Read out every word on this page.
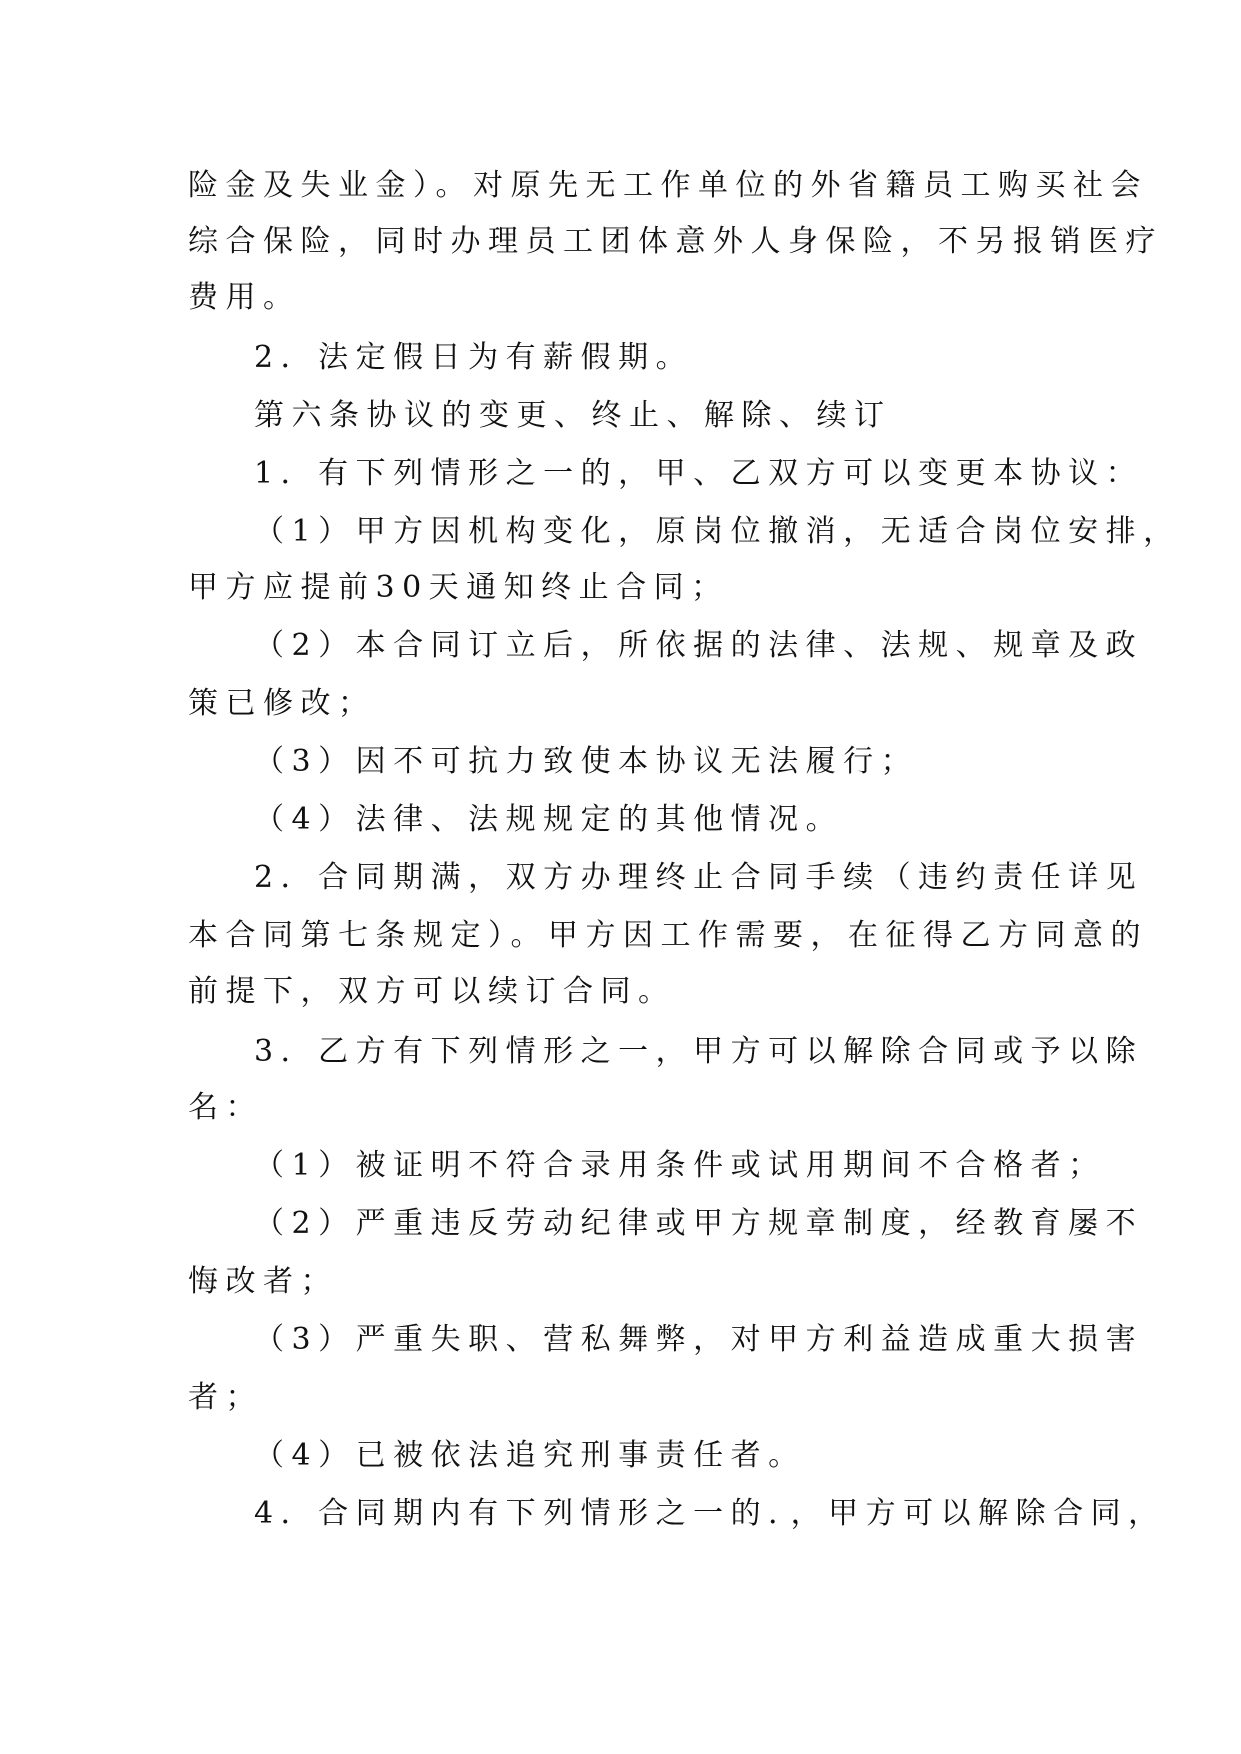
险金及失业金）。对原先无工作单位的外省籍员工购买社会

综合保险，同时办理员工团体意外人身保险，不另报销医疗

费用。

2．法定假日为有薪假期。

第六条协议的变更、终止、解除、续订

1．有下列情形之一的，甲、乙双方可以变更本协议：

（1）甲方因机构变化，原岗位撤消，无适合岗位安排，

甲方应提前30天通知终止合同；

（2）本合同订立后，所依据的法律、法规、规章及政

策已修改；

（3）因不可抗力致使本协议无法履行；

（4）法律、法规规定的其他情况。

2．合同期满，双方办理终止合同手续（违约责任详见

本合同第七条规定）。甲方因工作需要，在征得乙方同意的

前提下，双方可以续订合同。

3．乙方有下列情形之一，甲方可以解除合同或予以除

名：

（1）被证明不符合录用条件或试用期间不合格者；

（2）严重违反劳动纪律或甲方规章制度，经教育屡不

悔改者；

（3）严重失职、营私舞弊，对甲方利益造成重大损害

者；

（4）已被依法追究刑事责任者。

4．合同期内有下列情形之一的．，甲方可以解除合同，
